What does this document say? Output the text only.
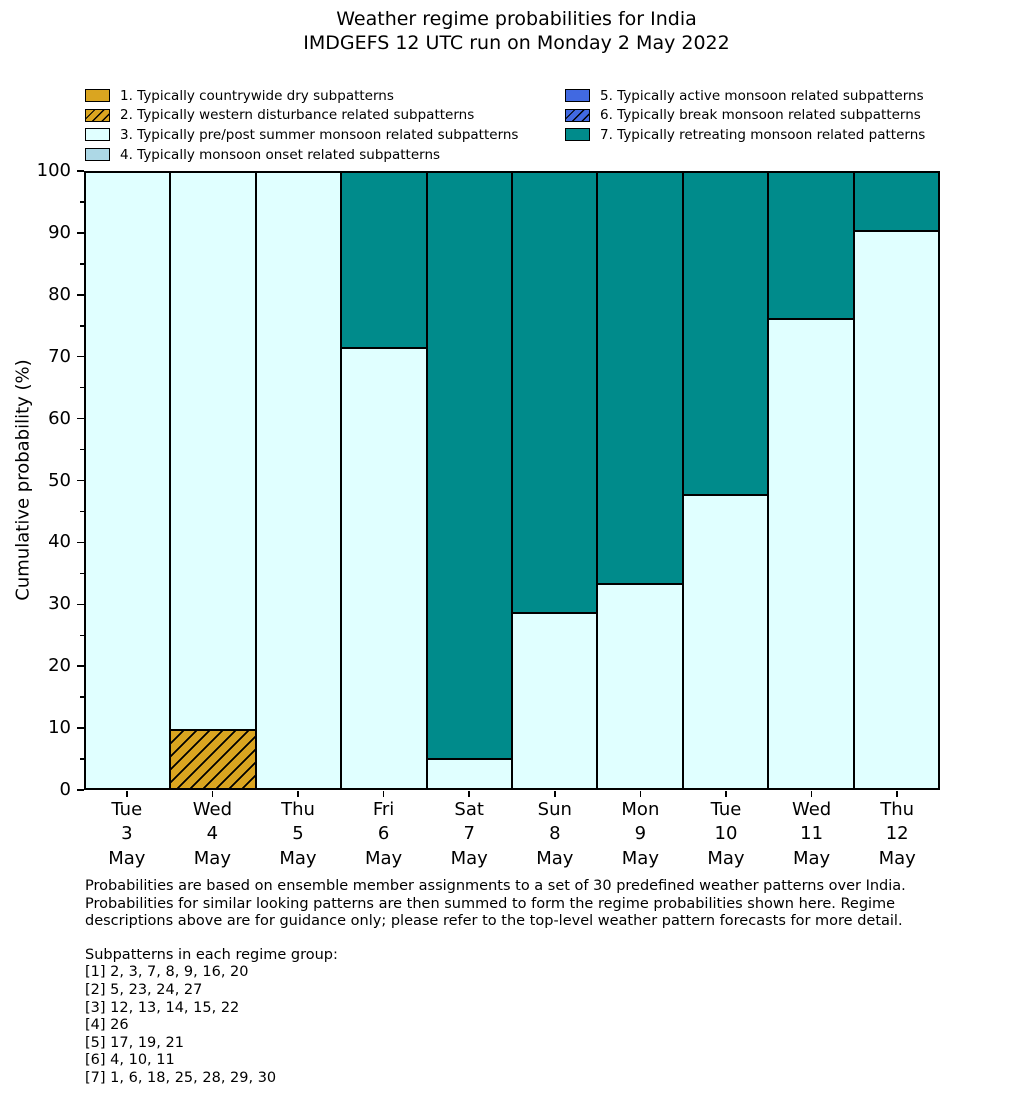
Weather regime probabilities for India
IMDGEFS 12 UTC run on Monday 2 May 2022
1. Typically countrywide dry subpatterns
2. Typically western disturbance related subpatterns
3. Typically pre/post summer monsoon related subpatterns
4. Typically monsoon onset related subpatterns
5. Typically active monsoon related subpatterns
6. Typically break monsoon related subpatterns
7. Typically retreating monsoon related patterns
Cumulative probability (%)
0
10
20
30
40
50
60
70
80
90
100
Tue
3
May
Wed
4
May
Thu
5
May
Fri
6
May
Sat
7
May
Sun
8
May
Mon
9
May
Tue
10
May
Wed
11
May
Thu
12
May
Probabilities are based on ensemble member assignments to a set of 30 predefined weather patterns over India.
Probabilities for similar looking patterns are then summed to form the regime probabilities shown here. Regime
descriptions above are for guidance only; please refer to the top-level weather pattern forecasts for more detail.
Subpatterns in each regime group:
[1] 2, 3, 7, 8, 9, 16, 20
[2] 5, 23, 24, 27
[3] 12, 13, 14, 15, 22
[4] 26
[5] 17, 19, 21
[6] 4, 10, 11
[7] 1, 6, 18, 25, 28, 29, 30
